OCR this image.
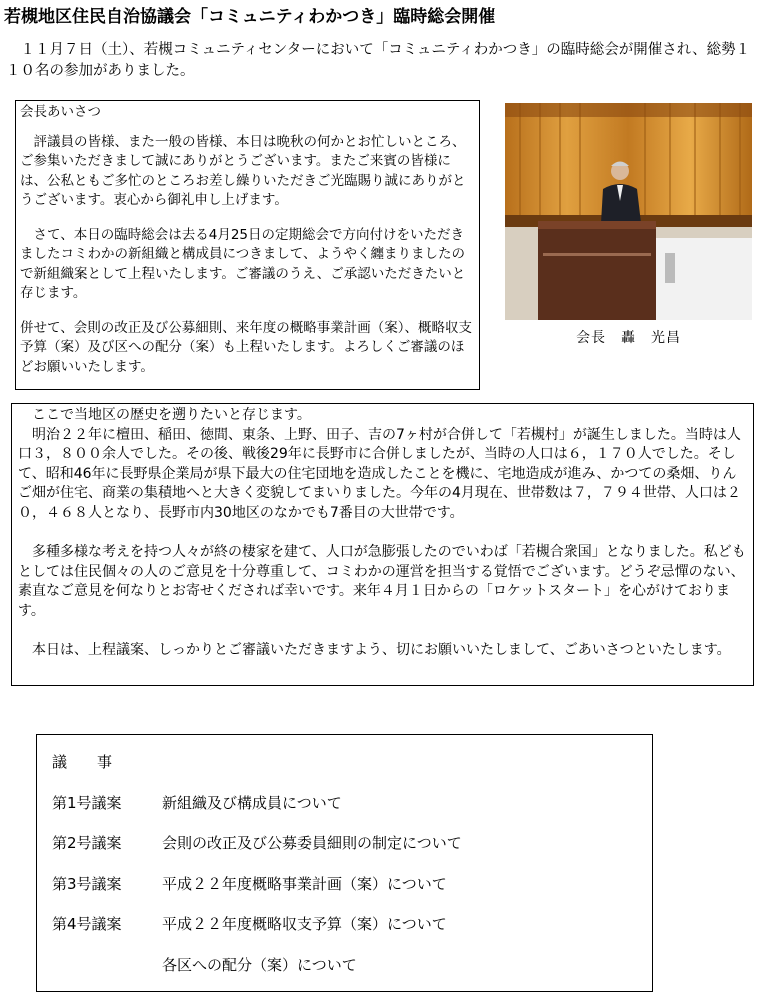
若槻地区住民自治協議会「コミュニティわかつき」臨時総会開催
　１１月７日（土）、若槻コミュニティセンターにおいて「コミュニティわかつき」の臨時総会が開催され、総勢１１０名の参加がありました。

会長あいさつ

　評議員の皆様、また一般の皆様、本日は晩秋の何かとお忙しいところ、ご参集いただきまして誠にありがとうございます。またご来賓の皆様には、公私ともご多忙のところお差し繰りいただきご光臨賜り誠にありがとうございます。衷心から御礼申し上げます。

　さて、本日の臨時総会は去る4月25日の定期総会で方向付けをいただきましたコミわかの新組織と構成員につきまして、ようやく纏まりましたので新組織案として上程いたします。ご審議のうえ、ご承認いただきたいと存じます。

併せて、会則の改正及び公募細則、来年度の概略事業計画（案）、概略収支予算（案）及び区への配分（案）も上程いたします。よろしくご審議のほどお願いいたします。

会長　轟　光昌

　ここで当地区の歴史を遡りたいと存じます。
　明治２２年に檀田、稲田、徳間、東条、上野、田子、吉の7ヶ村が合併して「若槻村」が誕生しました。当時は人口３，８００余人でした。その後、戦後29年に長野市に合併しましたが、当時の人口は６，１７０人でした。そして、昭和46年に長野県企業局が県下最大の住宅団地を造成したことを機に、宅地造成が進み、かつての桑畑、りんご畑が住宅、商業の集積地へと大きく変貌してまいりました。今年の4月現在、世帯数は７，７９４世帯、人口は２０，４６８人となり、長野市内30地区のなかでも7番目の大世帯です。

　多種多様な考えを持つ人々が終の棲家を建て、人口が急膨張したのでいわば「若槻合衆国」となりました。私どもとしては住民個々の人のご意見を十分尊重して、コミわかの運営を担当する覚悟でございます。どうぞ忌憚のない、素直なご意見を何なりとお寄せくだされば幸いです。来年４月１日からの「ロケットスタート」を心がけております。

　本日は、上程議案、しっかりとご審議いただきますよう、切にお願いいたしまして、ごあいさつといたします。

議　　事
第1号議案	新組織及び構成員について
第2号議案	会則の改正及び公募委員細則の制定について
第3号議案	平成２２年度概略事業計画（案）について
第4号議案	平成２２年度概略収支予算（案）について
各区への配分（案）について
